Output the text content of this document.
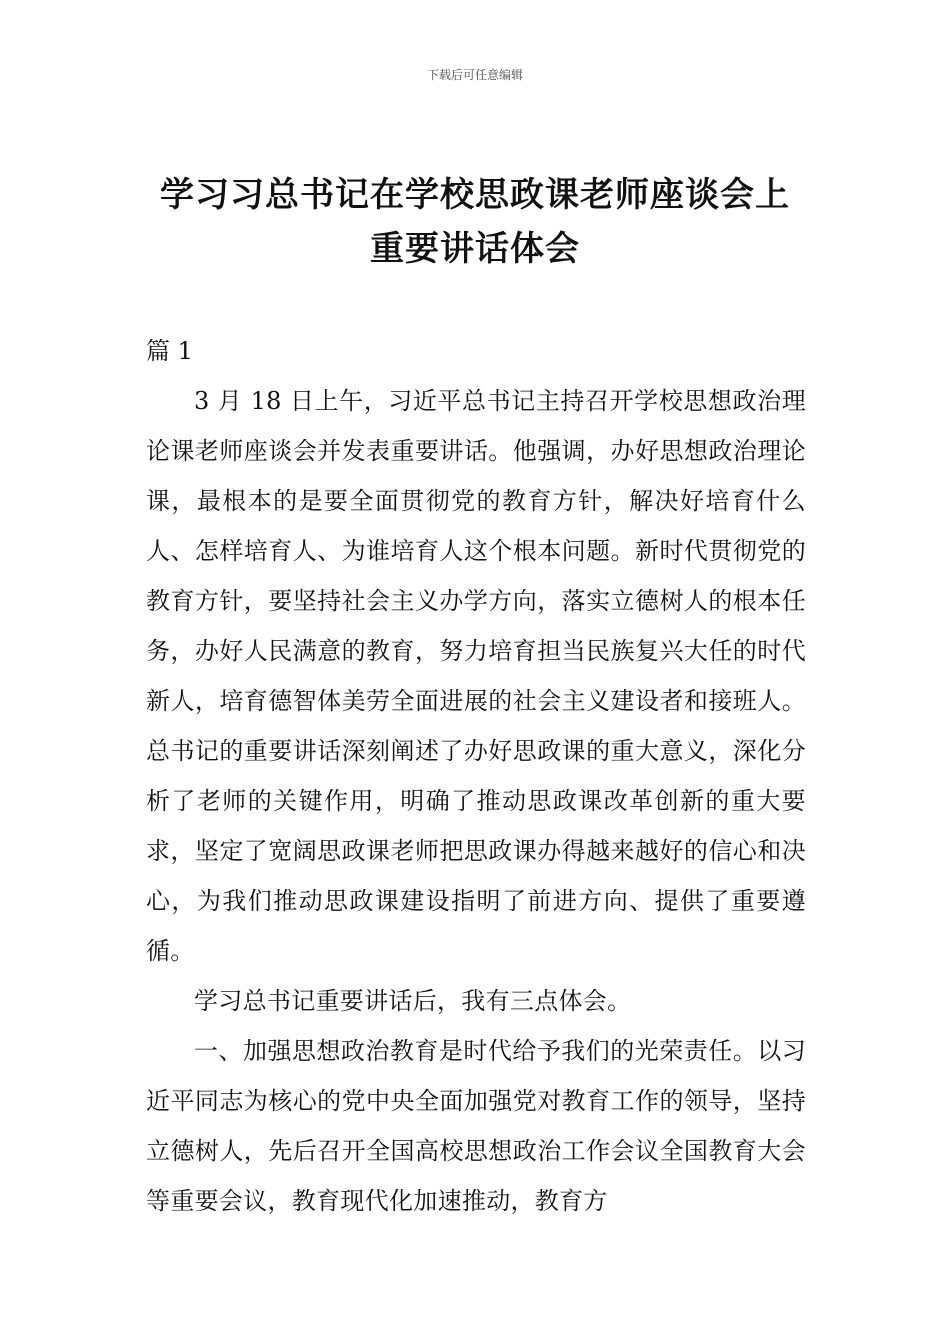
下载后可任意编辑
学习习总书记在学校思政课老师座谈会上
重要讲话体会
篇 1

3 月 18 日上午，习近平总书记主持召开学校思想政治理论课老师座谈会并发表重要讲话。他强调，办好思想政治理论课，最根本的是要全面贯彻党的教育方针，解决好培育什么人、怎样培育人、为谁培育人这个根本问题。新时代贯彻党的教育方针，要坚持社会主义办学方向，落实立德树人的根本任务，办好人民满意的教育，努力培育担当民族复兴大任的时代新人，培育德智体美劳全面进展的社会主义建设者和接班人。总书记的重要讲话深刻阐述了办好思政课的重大意义，深化分析了老师的关键作用，明确了推动思政课改革创新的重大要求，坚定了宽阔思政课老师把思政课办得越来越好的信心和决心，为我们推动思政课建设指明了前进方向、提供了重要遵循。

学习总书记重要讲话后，我有三点体会。

一、加强思想政治教育是时代给予我们的光荣责任。以习近平同志为核心的党中央全面加强党对教育工作的领导，坚持立德树人，先后召开全国高校思想政治工作会议全国教育大会等重要会议，教育现代化加速推动，教育方
